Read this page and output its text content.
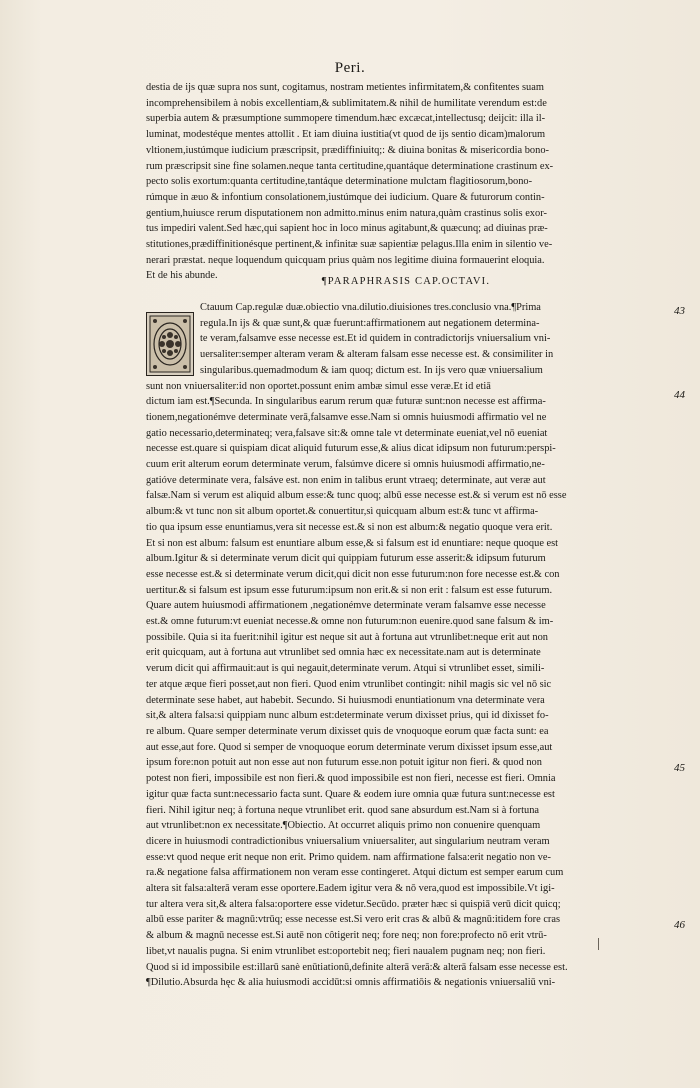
Peri.

destia de ijs quæ supra nos sunt, cogitamus, nostram metientes infirmitatem,& confitentes suam

incomprehensibilem à nobis excellentiam,& sublimitatem.& nihil de humilitate verendum est:de

superbia autem & præsumptione summopere timendum.hæc excæcat,intellectusq; deijcit: illa il-

luminat, modestéque mentes attollit . Et iam diuina iustitia(vt quod de ijs sentio dicam)malorum

vltionem,iustúmque iudicium præscripsit, prædiffiniuitq;: & diuina bonitas & misericordia bono-

rum præscripsit sine fine solamen.neque tanta certitudine,quantáque determinatione crastinum ex-

pecto solis exortum:quanta certitudine,tantáque determinatione mulctam flagitiosorum,bono-

rúmque in æuo & infontium consolationem,iustúmque dei iudicium. Quare & futurorum contin-

gentium,huiusce rerum disputationem non admitto.minus enim natura,quàm crastinus solis exor-

tus impediri valent.Sed hæc,qui sapient hoc in loco minus agitabunt,& quæcunq; ad diuinas præ-

stitutiones,prædiffinitionésque pertinent,& infinitæ suæ sapientiæ pelagus.Illa enim in silentio ve-

nerari præstat. neque loquendum quicquam prius quàm nos legitime diuina formauerint eloquia.

Et de his abunde.

¶PARAPHRASIS CAP.OCTAVI.

Ctauum Cap.regulæ duæ.obiectio vna.dilutio.diuisiones tres.conclusio vna.¶Prima

regula.In ijs & quæ sunt,& quæ fuerunt:affirmationem aut negationem determina-

te veram,falsamve esse necesse est.Et id quidem in contradictorijs vniuersalium vni-

uersaliter:semper alteram veram & alteram falsam esse necesse est. & consimiliter in

singularibus.quemadmodum & iam quoq; dictum est. In ijs vero quæ vniuersalium

sunt non vniuersaliter:id non oportet.possunt enim ambæ simul esse veræ.Et id etiā

dictum iam est.¶Secunda. In singularibus earum rerum quæ futuræ sunt:non necesse est affirma-

tionem,negationémve determinate verā,falsamve esse.Nam si omnis huiusmodi affirmatio vel ne

gatio necessario,determinateq; vera,falsave sit:& omne tale vt determinate eueniat,vel nō eueniat

necesse est.quare si quispiam dicat aliquid futurum esse,& alius dicat idipsum non futurum:perspi-

cuum erit alterum eorum determinate verum, falsúmve dicere si omnis huiusmodi affirmatio,ne-

gatióve determinate vera, falsáve est. non enim in talibus erunt vtraeq; determinate, aut veræ aut

falsæ.Nam si verum est aliquid album esse:& tunc quoq; albū esse necesse est.& si verum est nō esse

album:& vt tunc non sit album oportet.& conuertitur,sì quicquam album est:& tunc vt affirma-

tio qua ipsum esse enuntiamus,vera sit necesse est.& si non est album:& negatio quoque vera erit.

Et si non est album: falsum est enuntiare album esse,& si falsum est id enuntiare: neque quoque est

album.Igitur & si determinate verum dicit qui quippiam futurum esse asserit:& idipsum futurum

esse necesse est.& si determinate verum dicit,qui dicit non esse futurum:non fore necesse est.& con

uertitur.& si falsum est ipsum esse futurum:ipsum non erit.& si non erit : falsum est esse futurum.

Quare autem huiusmodi affirmationem ,negationémve determinate veram falsamve esse necesse

est.& omne futurum:vt eueniat necesse.& omne non futurum:non euenire.quod sane falsum & im-

possibile. Quia si ita fuerit:nihil igitur est neque sit aut à fortuna aut vtrunlibet:neque erit aut non

erit quicquam, aut à fortuna aut vtrunlibet sed omnia hæc ex necessitate.nam aut is determinate

verum dicit qui affirmauit:aut is qui negauit,determinate verum. Atqui si vtrunlibet esset, simili-

ter atque æque fieri posset,aut non fieri. Quod enim vtrunlibet contingit: nihil magis sic vel nō sic

determinate sese habet, aut habebit. Secundo. Si huiusmodi enuntiationum vna determinate vera

sit,& altera falsa:si quippiam nunc album est:determinate verum dixisset prius, qui id dixisset fo-

re album. Quare semper determinate verum dixisset quis de vnoquoque eorum quæ facta sunt: ea

aut esse,aut fore. Quod si semper de vnoquoque eorum determinate verum dixisset ipsum esse,aut

ipsum fore:non potuit aut non esse aut non futurum esse.non potuit igitur non fieri. & quod non

potest non fieri, impossibile est non fieri.& quod impossibile est non fieri, necesse est fieri. Omnia

igitur quæ facta sunt:necessario facta sunt. Quare & eodem iure omnia quæ futura sunt:necesse est

fieri. Nihil igitur neq; à fortuna neque vtrunlibet erit. quod sane absurdum est.Nam si à fortuna

aut vtrunlibet:non ex necessitate.¶Obiectio. At occurret aliquis primo non conuenire quenquam

dicere in huiusmodi contradictionibus vniuersalium vniuersaliter, aut singularium neutram veram

esse:vt quod neque erit neque non erit. Primo quidem. nam affirmatione falsa:erit negatio non ve-

ra.& negatione falsa affirmationem non veram esse contingeret. Atqui dictum est semper earum cum

altera sit falsa:alterā veram esse oportere.Eadem igitur vera & nō vera,quod est impossibile.Vt igi-

tur altera vera sit,& altera falsa:oportere esse videtur.Secūdo. præter hæc si quispiā verū dicit quicq;

albū esse pariter & magnū:vtrūq; esse necesse est.Si vero erit cras & albū & magnū:itidem fore cras

& album & magnū necesse est.Si autē non côtigerit neq; fore neq; non fore:profecto nō erit vtrū-

libet,vt naualis pugna. Si enim vtrunlibet est:oportebit neq; fieri naualem pugnam neq; non fieri.

Quod si id impossibile est:illarū sanè enūtiationū,definite alterā verā:& alterā falsam esse necesse est.

¶Dilutio.Absurda hęc & alia huiusmodi accidūt:si omnis affirmatiōis & negationis vniuersaliū vni-

43
44
45
46
